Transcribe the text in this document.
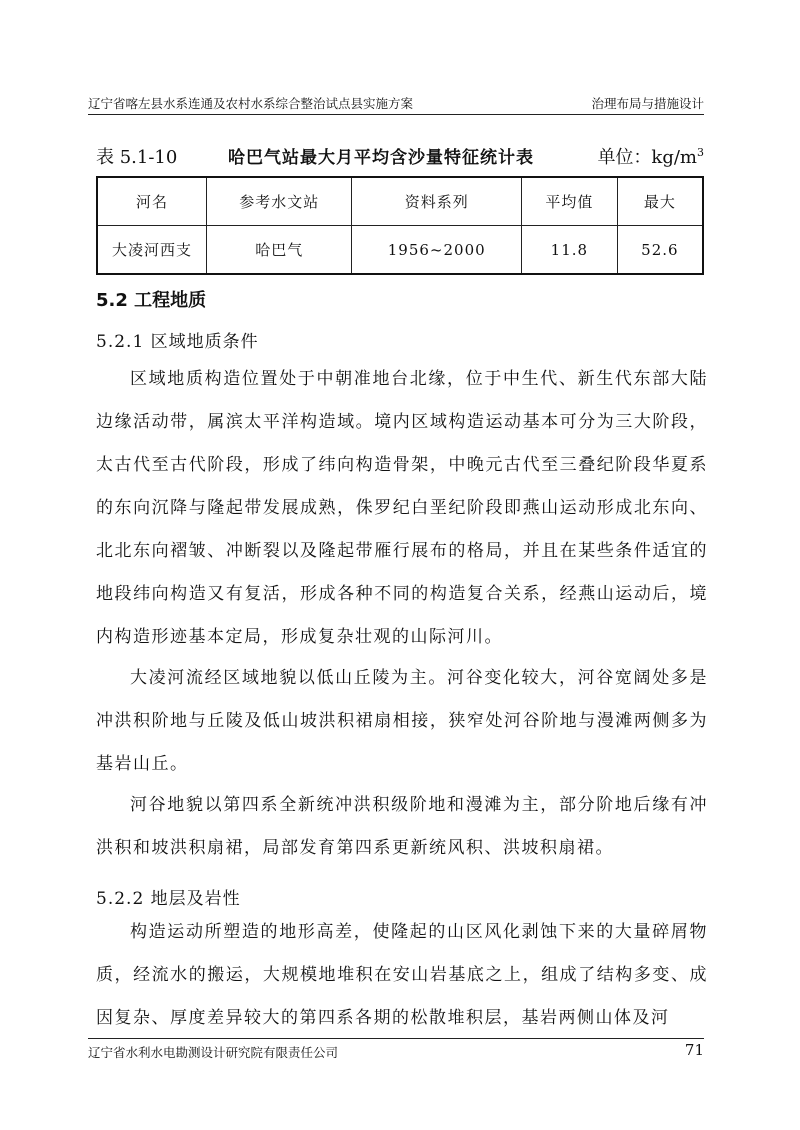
辽宁省喀左县水系连通及农村水系综合整治试点县实施方案	治理布局与措施设计
表 5.1-10	哈巴气站最大月平均含沙量特征统计表	单位：$kg/m^3$
河名	参考水文站	资料系列	平均值	最大
大凌河西支	哈巴气	1956~2000	11.8	52.6
5.2 工程地质
5.2.1 区域地质条件
区域地质构造位置处于中朝准地台北缘，位于中生代、新生代东部大陆边缘活动带，属滨太平洋构造域。境内区域构造运动基本可分为三大阶段，太古代至古代阶段，形成了纬向构造骨架，中晚元古代至三叠纪阶段华夏系的东向沉降与隆起带发展成熟，侏罗纪白垩纪阶段即燕山运动形成北东向、北北东向褶皱、冲断裂以及隆起带雁行展布的格局，并且在某些条件适宜的地段纬向构造又有复活，形成各种不同的构造复合关系，经燕山运动后，境内构造形迹基本定局，形成复杂壮观的山际河川。
大凌河流经区域地貌以低山丘陵为主。河谷变化较大，河谷宽阔处多是冲洪积阶地与丘陵及低山坡洪积裙扇相接，狭窄处河谷阶地与漫滩两侧多为基岩山丘。
河谷地貌以第四系全新统冲洪积级阶地和漫滩为主，部分阶地后缘有冲洪积和坡洪积扇裙，局部发育第四系更新统风积、洪坡积扇裙。
5.2.2 地层及岩性
构造运动所塑造的地形高差，使隆起的山区风化剥蚀下来的大量碎屑物质，经流水的搬运，大规模地堆积在安山岩基底之上，组成了结构多变、成因复杂、厚度差异较大的第四系各期的松散堆积层，基岩两侧山体及河
辽宁省水利水电勘测设计研究院有限责任公司	71
